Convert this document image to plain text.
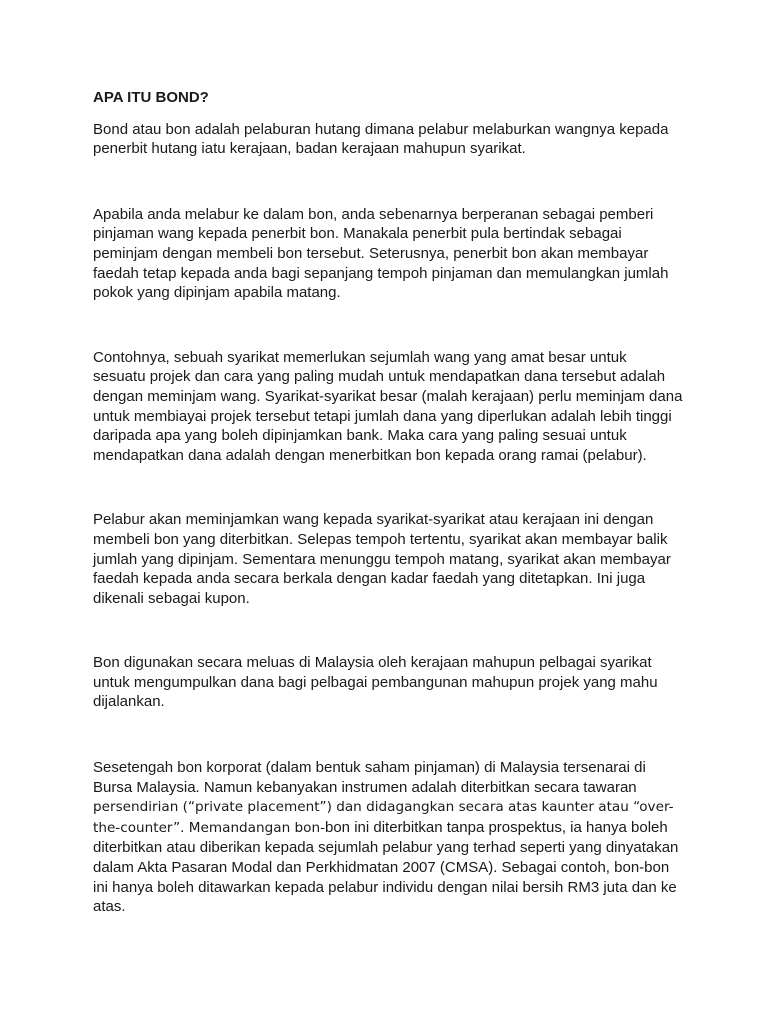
APA ITU BOND?

Bond atau bon adalah pelaburan hutang dimana pelabur melaburkan wangnya kepada penerbit hutang iatu kerajaan, badan kerajaan mahupun syarikat.

Apabila anda melabur ke dalam bon, anda sebenarnya berperanan sebagai pemberi pinjaman wang kepada penerbit bon. Manakala penerbit pula bertindak sebagai peminjam dengan membeli bon tersebut. Seterusnya, penerbit bon akan membayar faedah tetap kepada anda bagi sepanjang tempoh pinjaman dan memulangkan jumlah pokok yang dipinjam apabila matang.

Contohnya, sebuah syarikat memerlukan sejumlah wang yang amat besar untuk sesuatu projek dan cara yang paling mudah untuk mendapatkan dana tersebut adalah dengan meminjam wang. Syarikat-syarikat besar (malah kerajaan) perlu meminjam dana untuk membiayai projek tersebut tetapi jumlah dana yang diperlukan adalah lebih tinggi daripada apa yang boleh dipinjamkan bank. Maka cara yang paling sesuai untuk mendapatkan dana adalah dengan menerbitkan bon kepada orang ramai (pelabur).

Pelabur akan meminjamkan wang kepada syarikat-syarikat atau kerajaan ini dengan membeli bon yang diterbitkan. Selepas tempoh tertentu, syarikat akan membayar balik jumlah yang dipinjam. Sementara menunggu tempoh matang, syarikat akan membayar faedah kepada anda secara berkala dengan kadar faedah yang ditetapkan. Ini juga dikenali sebagai kupon.

Bon digunakan secara meluas di Malaysia oleh kerajaan mahupun pelbagai syarikat untuk mengumpulkan dana bagi pelbagai pembangunan mahupun projek yang mahu dijalankan.

Sesetengah bon korporat (dalam bentuk saham pinjaman) di Malaysia tersenarai di Bursa Malaysia. Namun kebanyakan instrumen adalah diterbitkan secara tawaran persendirian (“private placement”) dan didagangkan secara atas kaunter atau “over-the-counter”. Memandangan bon-bon ini diterbitkan tanpa prospektus, ia hanya boleh diterbitkan atau diberikan kepada sejumlah pelabur yang terhad seperti yang dinyatakan dalam Akta Pasaran Modal dan Perkhidmatan 2007 (CMSA). Sebagai contoh, bon-bon ini hanya boleh ditawarkan kepada pelabur individu dengan nilai bersih RM3 juta dan ke atas.
